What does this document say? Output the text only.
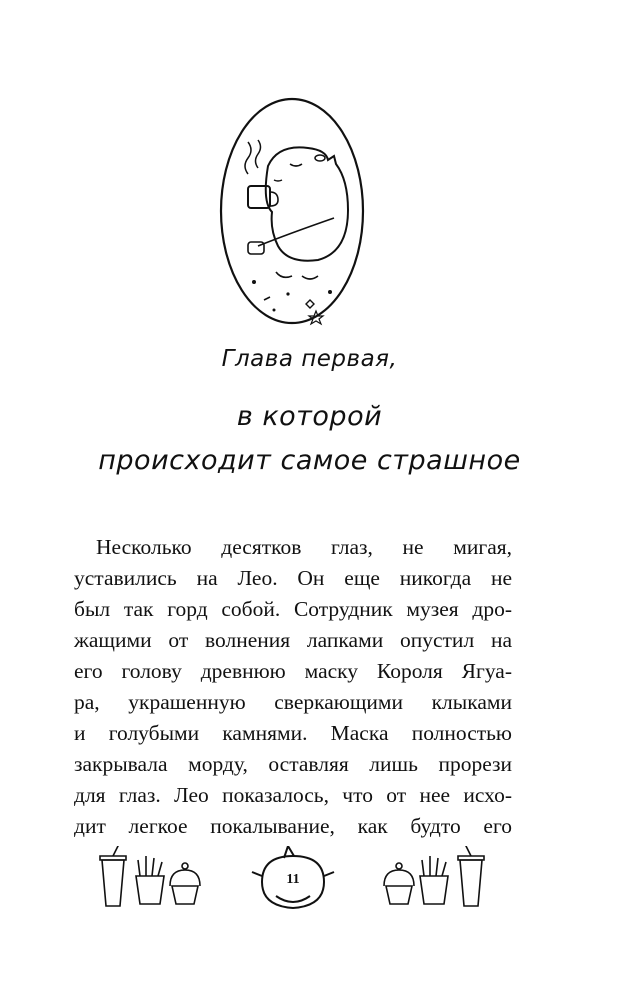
Глава первая,
в которой
происходит самое страшное

Несколько десятков глаз, не мигая,
уставились на Лео. Он еще никогда не
был так горд собой. Сотрудник музея дро-
жащими от волнения лапками опустил на
его голову древнюю маску Короля Ягуа-
ра, украшенную сверкающими клыками
и голубыми камнями. Маска полностью
закрывала морду, оставляя лишь прорези
для глаз. Лео показалось, что от нее исхо-
дит легкое покалывание, как будто его

11
